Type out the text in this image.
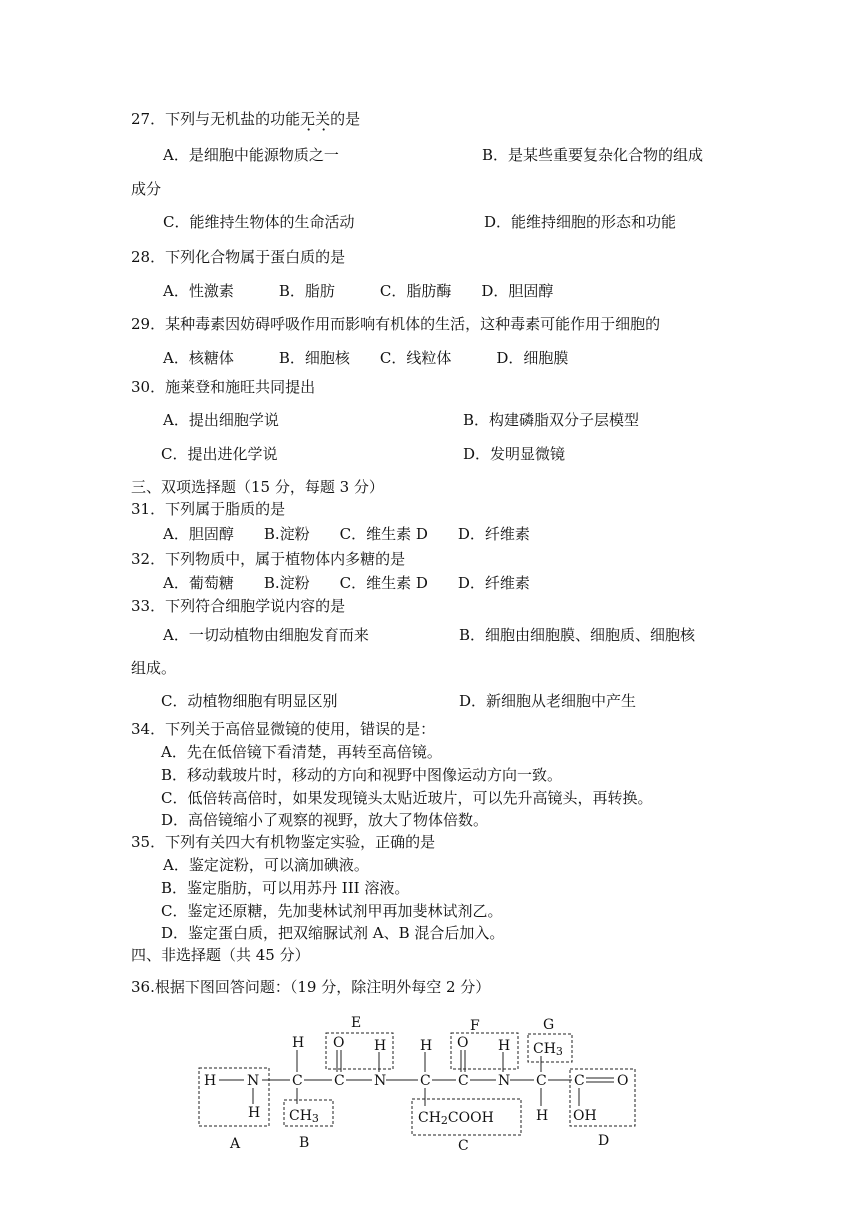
27．下列与无机盐的功能无关的是
A．是细胞中能源物质之一	B．是某些重要复杂化合物的组成
成分
C．能维持生物体的生命活动	D．能维持细胞的形态和功能
28．下列化合物属于蛋白质的是
A．性激素　　　B．脂肪　　　C．脂肪酶　　D．胆固醇
29．某种毒素因妨碍呼吸作用而影响有机体的生活，这种毒素可能作用于细胞的
A．核糖体　　　B．细胞核　　C．线粒体　　　D．细胞膜
30．施莱登和施旺共同提出
A．提出细胞学说	B．构建磷脂双分子层模型
C．提出进化学说	D．发明显微镜
三、双项选择题（15 分，每题 3 分）
31．下列属于脂质的是
A．胆固醇　　B.淀粉　　C．维生素 D　　D．纤维素
32．下列物质中，属于植物体内多糖的是
A．葡萄糖　　B.淀粉　　C．维生素 D　　D．纤维素
33．下列符合细胞学说内容的是
A．一切动植物由细胞发育而来	B．细胞由细胞膜、细胞质、细胞核
组成。
C．动植物细胞有明显区别	D．新细胞从老细胞中产生
34．下列关于高倍显微镜的使用，错误的是：
A．先在低倍镜下看清楚，再转至高倍镜。
B．移动载玻片时，移动的方向和视野中图像运动方向一致。
C．低倍转高倍时，如果发现镜头太贴近玻片，可以先升高镜头，再转换。
D．高倍镜缩小了观察的视野，放大了物体倍数。
35．下列有关四大有机物鉴定实验，正确的是
A．鉴定淀粉，可以滴加碘液。
B．鉴定脂肪，可以用苏丹 III 溶液。
C．鉴定还原糖，先加斐林试剂甲再加斐林试剂乙。
D．鉴定蛋白质，把双缩脲试剂 A、B 混合后加入。
四、非选择题（共 45 分）
36.根据下图回答问题：（19 分，除注明外每空 2 分）
H N
H
C
H
CH3
C
O
N
H
C
H
CH2COOH
C
O
N
H
C
CH3
H
C O
OH
A	B	C	D
E	F	G
